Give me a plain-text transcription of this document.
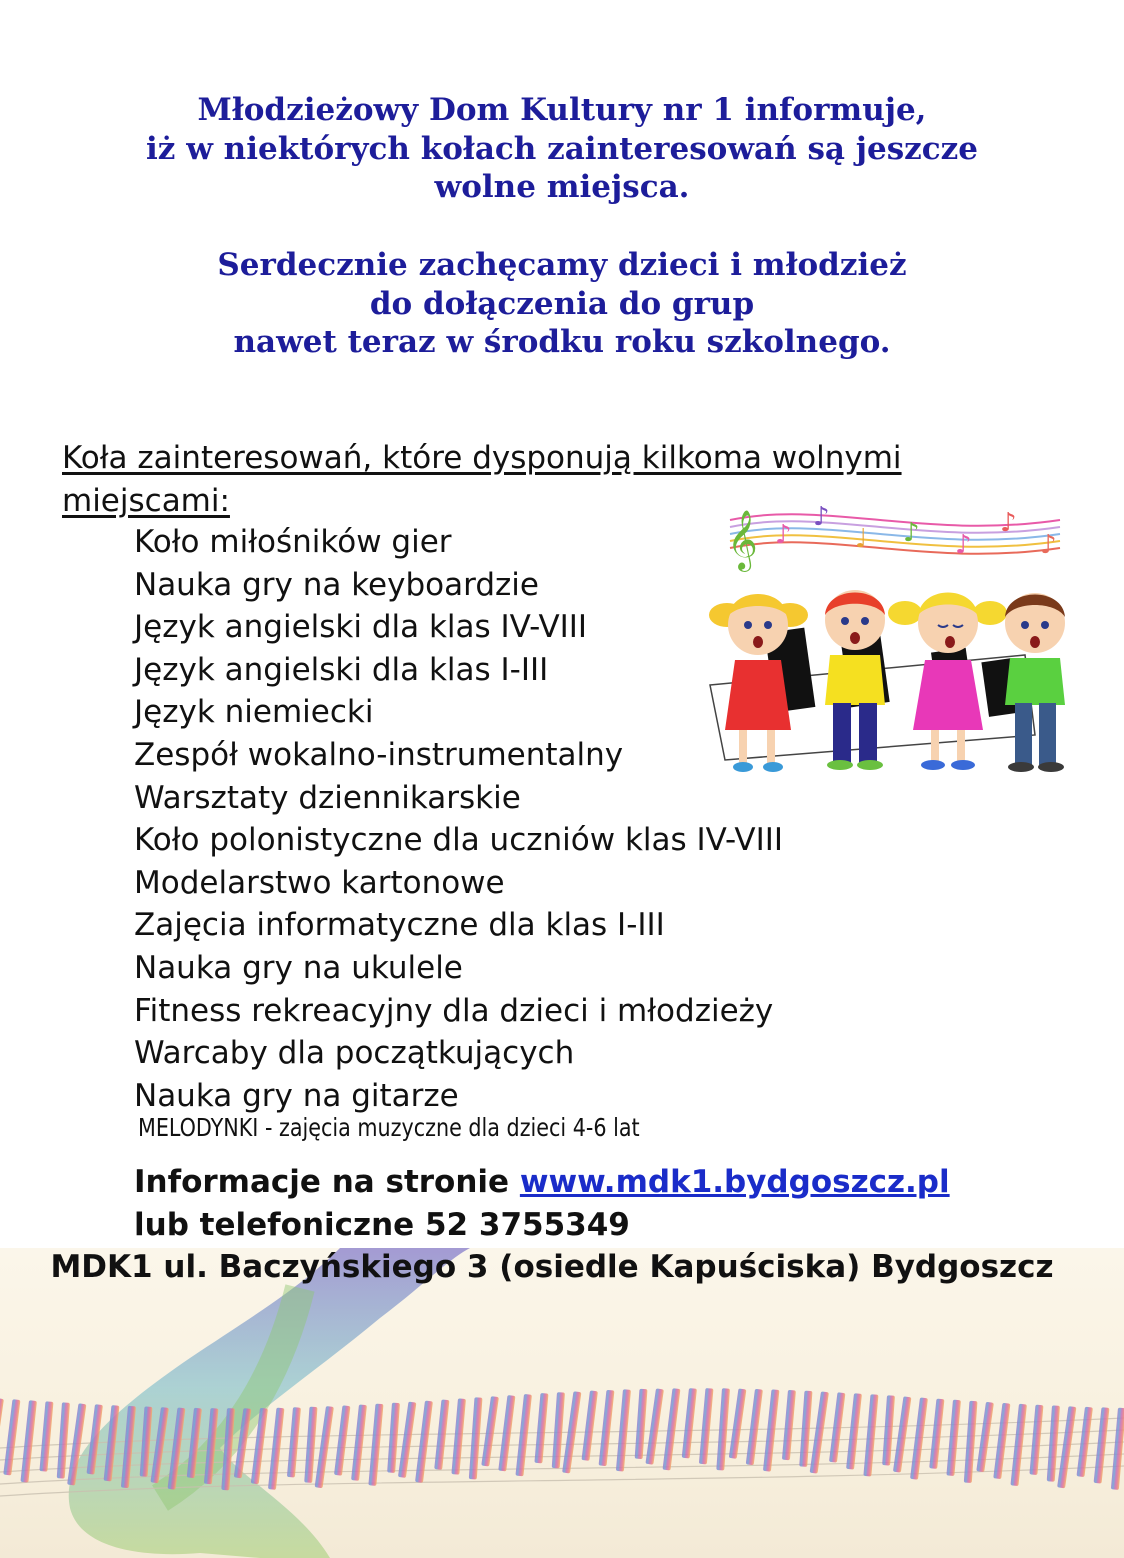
Młodzieżowy Dom Kultury nr 1 informuje,
iż w niektórych kołach zainteresowań są jeszcze
wolne miejsca.
Serdecznie zachęcamy dzieci i młodzież
do dołączenia do grup
nawet teraz w środku roku szkolnego.
Koła zainteresowań, które dysponują kilkoma wolnymi miejscami:
Koło miłośników gier
Nauka gry na keyboardzie
Język angielski dla klas IV-VIII
Język angielski dla klas I-III
Język niemiecki
Zespół wokalno-instrumentalny
Warsztaty dziennikarskie
Koło polonistyczne dla uczniów klas IV-VIII
Modelarstwo kartonowe
Zajęcia informatyczne dla klas I-III
Nauka gry na ukulele
Fitness rekreacyjny dla dzieci i młodzieży
Warcaby dla początkujących
Nauka gry na gitarze
MELODYNKI - zajęcia muzyczne dla dzieci 4-6 lat
Informacje na stronie www.mdk1.bydgoszcz.pl
lub telefoniczne 52 3755349
MDK1 ul. Baczyńskiego 3 (osiedle Kapuściska) Bydgoszcz
𝄞 ♪
♪
♩ ♪ ♪
♪
♪
